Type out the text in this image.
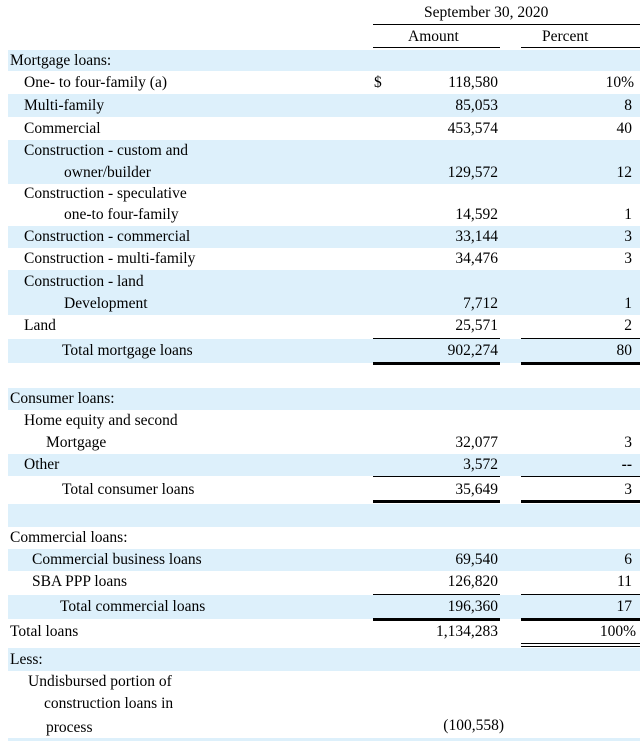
September 30, 2020
Amount	Percent
Mortgage loans:
One- to four-family (a)	$	118,580	10%
Multi-family	85,053	8
Commercial	453,574	40
Construction - custom and
owner/builder	129,572	12
Construction - speculative
one-to four-family	14,592	1
Construction - commercial	33,144	3
Construction - multi-family	34,476	3
Construction - land
Development	7,712	1
Land	25,571	2
Total mortgage loans	902,274	80
Consumer loans:
Home equity and second
Mortgage	32,077	3
Other	3,572	--
Total consumer loans	35,649	3
Commercial loans:
Commercial business loans	69,540	6
SBA PPP loans	126,820	11
Total commercial loans	196,360	17
Total loans	1,134,283	100%
Less:
Undisbursed portion of
construction loans in
process	(100,558)
